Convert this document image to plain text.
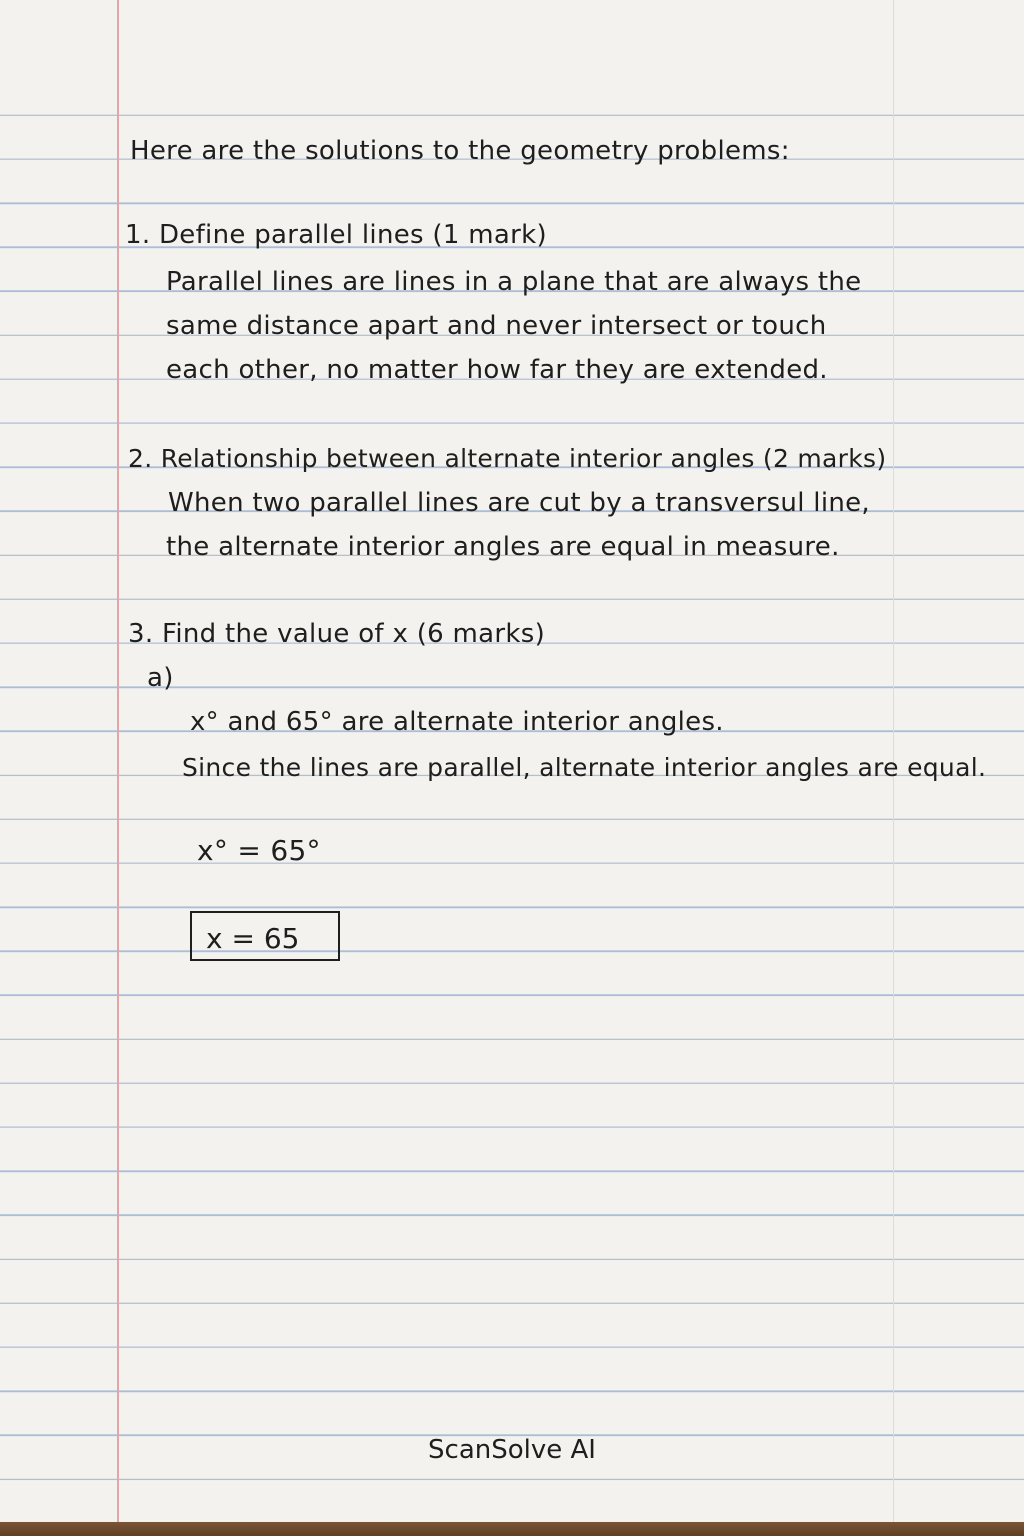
Here are the solutions to the geometry problems:
1. Define parallel lines (1 mark)
Parallel lines are lines in a plane that are always the
same distance apart and never intersect or touch
each other, no matter how far they are extended.
2. Relationship between alternate interior angles (2 marks)
When two parallel lines are cut by a transversul line,
the alternate interior angles are equal in measure.
3. Find the value of x (6 marks)
a)
x° and 65° are alternate interior angles.
Since the lines are parallel, alternate interior angles are equal.
x° = 65°
x = 65
ScanSolve AI
